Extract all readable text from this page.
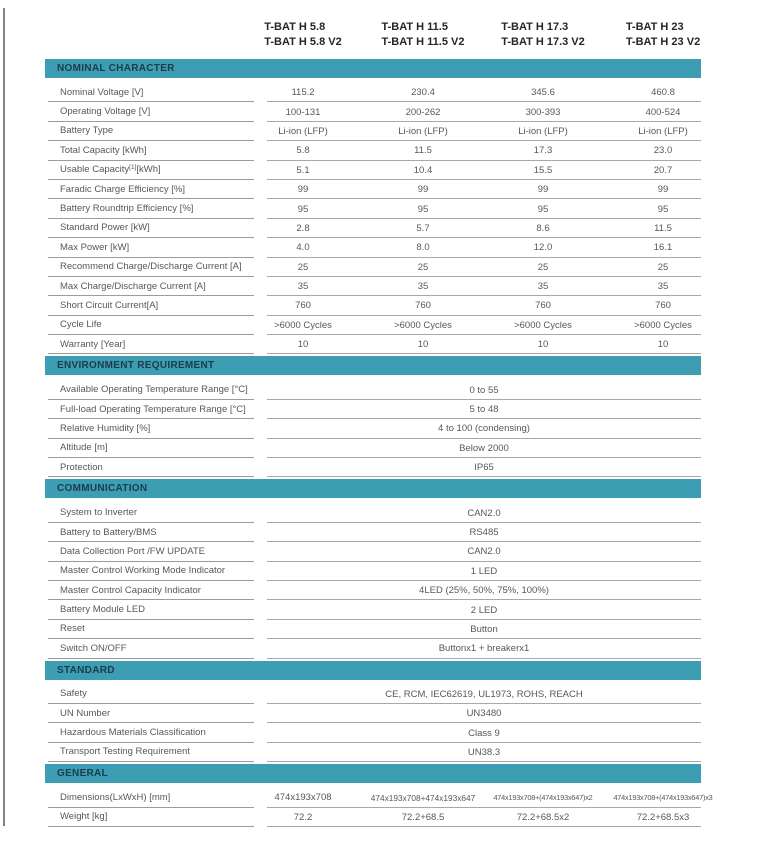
T-BAT H 5.8
T-BAT H 5.8 V2
T-BAT H 11.5
T-BAT H 11.5 V2
T-BAT H 17.3
T-BAT H 17.3 V2
T-BAT H 23
T-BAT H 23 V2
NOMINAL CHARACTER
Nominal Voltage [V]	115.2	230.4	345.6	460.8
Operating Voltage [V]	100-131	200-262	300-393	400-524
Battery Type	Li-ion (LFP)	Li-ion (LFP)	Li-ion (LFP)	Li-ion (LFP)
Total Capacity [kWh]	5.8	11.5	17.3	23.0
Usable Capacity [1] [kWh]	5.1	10.4	15.5	20.7
Faradic Charge Efficiency [%]	99	99	99	99
Battery Roundtrip Efficiency [%]	95	95	95	95
Standard Power [kW]	2.8	5.7	8.6	11.5
Max Power [kW]	4.0	8.0	12.0	16.1
Recommend Charge/Discharge Current [A]	25	25	25	25
Max Charge/Discharge Current [A]	35	35	35	35
Short Circuit Current[A]	760	760	760	760
Cycle Life	>6000 Cycles	>6000 Cycles	>6000 Cycles	>6000 Cycles
Warranty [Year]	10	10	10	10
ENVIRONMENT REQUIREMENT
Available Operating Temperature Range [°C]	0 to 55
Full-load Operating Temperature Range [°C]	5 to 48
Relative Humidity [%]	4 to 100 (condensing)
Altitude [m]	Below 2000
Protection	IP65
COMMUNICATION
System to Inverter	CAN2.0
Battery to Battery/BMS	RS485
Data Collection Port /FW UPDATE	CAN2.0
Master Control Working Mode Indicator	1 LED
Master Control Capacity Indicator	4LED (25%, 50%, 75%, 100%)
Battery Module LED	2 LED
Reset	Button
Switch ON/OFF	Buttonx1 + breakerx1
STANDARD
Safety	CE, RCM, IEC62619, UL1973, ROHS, REACH
UN Number	UN3480
Hazardous Materials Classification	Class 9
Transport Testing Requirement	UN38.3
GENERAL
Dimensions(LxWxH) [mm]	474x193x708	474x193x708+474x193x647	474x193x708+(474x193x647)x2	474x193x708+(474x193x647)x3
Weight [kg]	72.2	72.2+68.5	72.2+68.5x2	72.2+68.5x3
